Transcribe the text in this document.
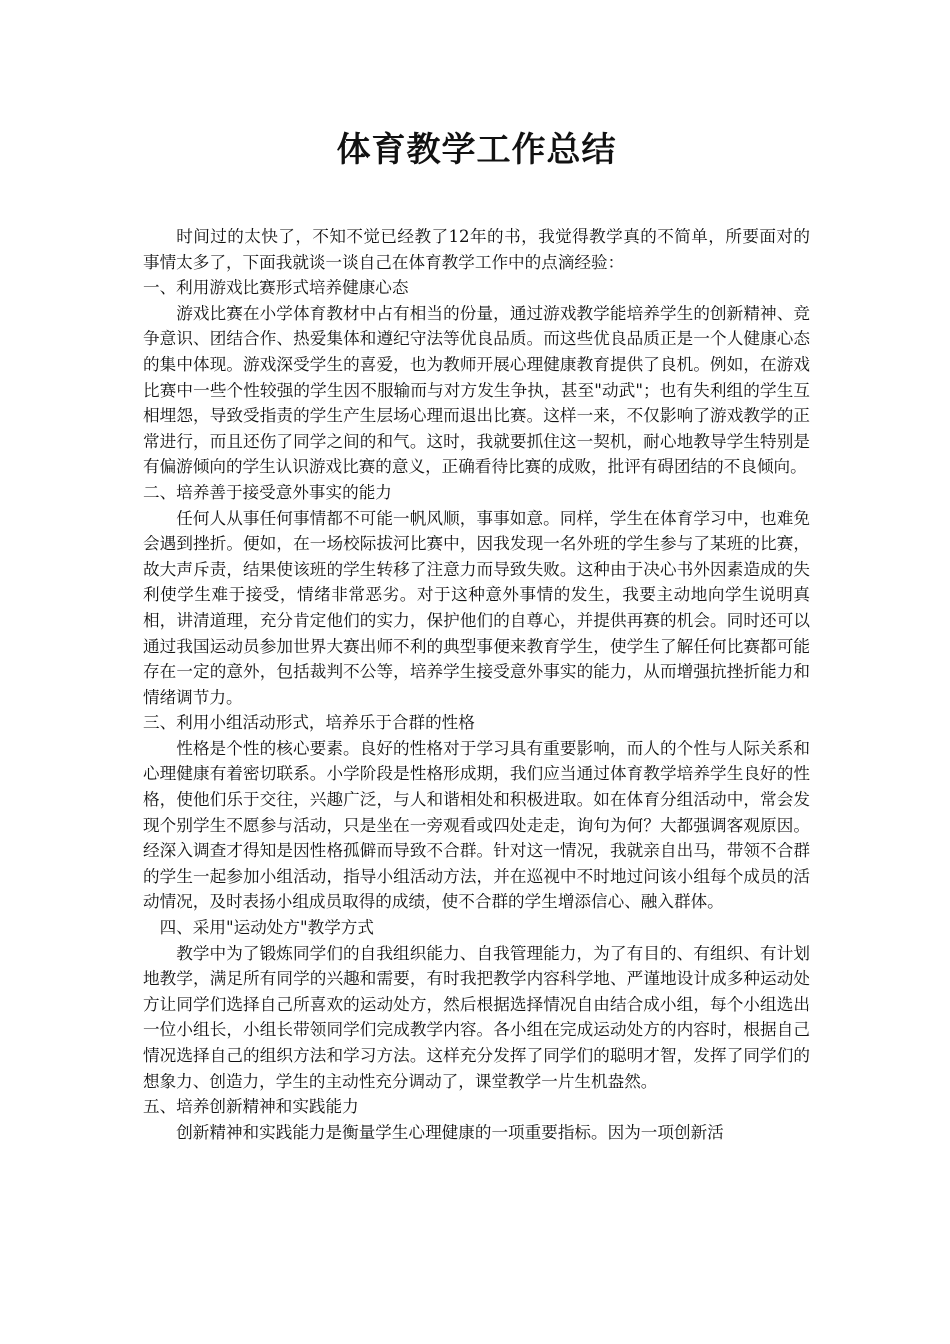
体育教学工作总结

时间过的太快了，不知不觉已经教了12年的书，我觉得教学真的不简单，所要面对的事情太多了，下面我就谈一谈自己在体育教学工作中的点滴经验：

一、利用游戏比赛形式培养健康心态

游戏比赛在小学体育教材中占有相当的份量，通过游戏教学能培养学生的创新精神、竞争意识、团结合作、热爱集体和遵纪守法等优良品质。而这些优良品质正是一个人健康心态的集中体现。游戏深受学生的喜爱，也为教师开展心理健康教育提供了良机。例如，在游戏比赛中一些个性较强的学生因不服输而与对方发生争执，甚至"动武"；也有失利组的学生互相埋怨，导致受指责的学生产生层场心理而退出比赛。这样一来，不仅影响了游戏教学的正常进行，而且还伤了同学之间的和气。这时，我就要抓住这一契机，耐心地教导学生特别是有偏游倾向的学生认识游戏比赛的意义，正确看待比赛的成败，批评有碍团结的不良倾向。

二、培养善于接受意外事实的能力

任何人从事任何事情都不可能一帆风顺，事事如意。同样，学生在体育学习中，也难免会遇到挫折。便如，在一场校际拔河比赛中，因我发现一名外班的学生参与了某班的比赛，故大声斥责，结果使该班的学生转移了注意力而导致失败。这种由于决心书外因素造成的失利使学生难于接受，情绪非常恶劣。对于这种意外事情的发生，我要主动地向学生说明真相，讲清道理，充分肯定他们的实力，保护他们的自尊心，并提供再赛的机会。同时还可以通过我国运动员参加世界大赛出师不利的典型事便来教育学生，使学生了解任何比赛都可能存在一定的意外，包括裁判不公等，培养学生接受意外事实的能力，从而增强抗挫折能力和情绪调节力。

三、利用小组活动形式，培养乐于合群的性格

性格是个性的核心要素。良好的性格对于学习具有重要影响，而人的个性与人际关系和心理健康有着密切联系。小学阶段是性格形成期，我们应当通过体育教学培养学生良好的性格，使他们乐于交往，兴趣广泛，与人和谐相处和积极进取。如在体育分组活动中，常会发现个别学生不愿参与活动，只是坐在一旁观看或四处走走，询句为何？大都强调客观原因。经深入调查才得知是因性格孤僻而导致不合群。针对这一情况，我就亲自出马，带领不合群的学生一起参加小组活动，指导小组活动方法，并在巡视中不时地过问该小组每个成员的活动情况，及时表扬小组成员取得的成绩，使不合群的学生增添信心、融入群体。

四、采用"运动处方"教学方式

教学中为了锻炼同学们的自我组织能力、自我管理能力，为了有目的、有组织、有计划地教学，满足所有同学的兴趣和需要，有时我把教学内容科学地、严谨地设计成多种运动处方让同学们选择自己所喜欢的运动处方，然后根据选择情况自由结合成小组，每个小组选出一位小组长，小组长带领同学们完成教学内容。各小组在完成运动处方的内容时，根据自己情况选择自己的组织方法和学习方法。这样充分发挥了同学们的聪明才智，发挥了同学们的想象力、创造力，学生的主动性充分调动了，课堂教学一片生机盎然。

五、培养创新精神和实践能力

创新精神和实践能力是衡量学生心理健康的一项重要指标。因为一项创新活
